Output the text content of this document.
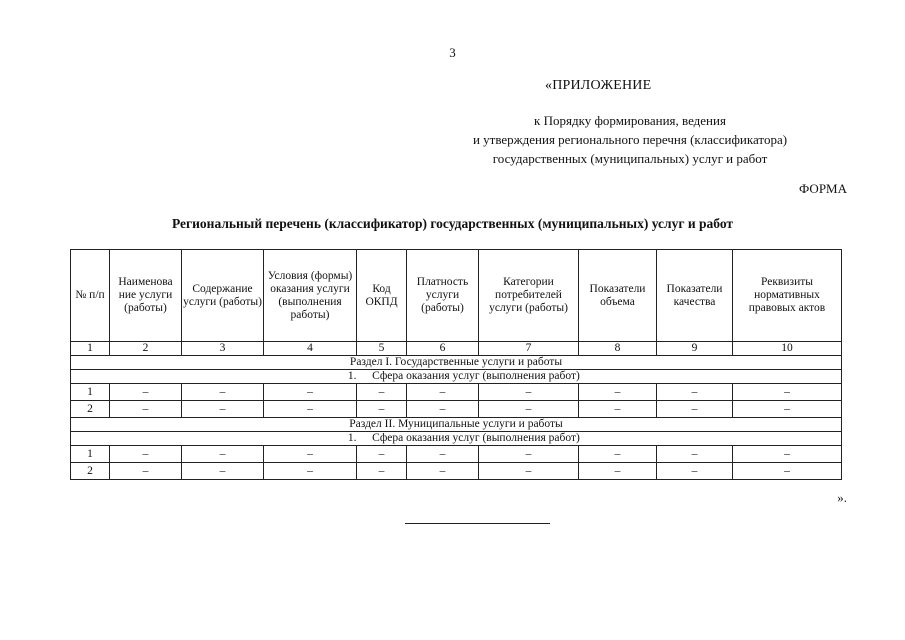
3
«ПРИЛОЖЕНИЕ
к Порядку формирования, ведения
и утверждения регионального перечня (классификатора)
государственных (муниципальных) услуг и работ
ФОРМА
Региональный перечень (классификатор) государственных (муниципальных) услуг и работ
№ п/п	Наименова ние услуги (работы)	Содержание услуги (работы)	Условия (формы) оказания услуги (выполнения работы)	Код ОКПД	Платность услуги (работы)	Категории потребителей услуги (работы)	Показатели объема	Показатели качества	Реквизиты нормативных правовых актов
1	2	3	4	5	6	7	8	9	10
Раздел I. Государственные услуги и работы									
1. Сфера оказания услуг (выполнения работ)									
1	–	–	–	–	–	–	–	–	–
2	–	–	–	–	–	–	–	–	–
Раздел II. Муниципальные услуги и работы									
1. Сфера оказания услуг (выполнения работ)									
1	–	–	–	–	–	–	–	–	–
2	–	–	–	–	–	–	–	–	–
».
